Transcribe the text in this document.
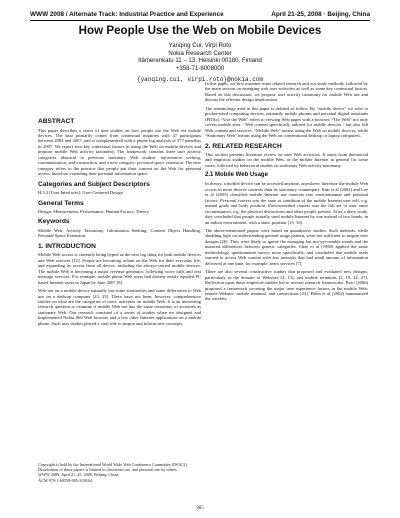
WWW 2008 / Alternate Track: Industrial Practice and Experience	April 21-25, 2008 · Beijing, China
How People Use the Web on Mobile Devices
Yanqing Cui, Virpi Roto
Nokia Research Center
Itämerenkatu 11 – 13, Helsinki 00180, Finland
+358-71-8008000
{yanqing.cui, virpi.roto}@nokia.com
ABSTRACT

This paper describes a series of user studies on how people use the Web via mobile devices. The data primarily comes from contextual inquiries with 47 participants between 2004 and 2007, and is complemented with a phone log analysis of 577 panelists in 2007. We report four key contextual factors in using the Web on mobile devices and propose mobile Web activity taxonomy. The framework contains three user activity categories identical to previous stationary Web studies: information seeking, communication, and transaction, and a new category: personal space extension. The new category refers to the practice that people put their content on the Web for personal access, therefore extending their personal information space.

Categories and Subject Descriptors

H.5.2 [User Interfaces]: User-Centered Design

General Terms

Design, Measurement, Performance, Human Factors, Theory.

Keywords

Mobile Web, Activity Taxonomy, Information Seeking, Content Object Handling, Personal Space Extension.

1. INTRODUCTION

Mobile Web access is currently being hyped as the next big thing for both mobile devices and Web services [12]. People are becoming reliant on the Web for their everyday life, and expanding its access from all device, including the always-carried mobile devices. The mobile Web is becoming a major revenue generator, following voice calls and text message services. For example, mobile phone Web users had already nearly equaled PC based Internet users in Japan by June 2007 [8].

Web use on a mobile device naturally has some similarities and some differences to Web use on a desktop computer [23, 25]. There have not been, however, comprehensive studies on what are the categories of users' activities on mobile Web. It is an interesting research question to examine if mobile Web use has the same taxonomy of activities as stationary Web. Our research consisted of a series of studies when we designed and implemented Nokia S60 Web browser and a few other Internet applications on a mobile phone. Such user studies played a vital role to inspire and inform new concepts.

Copyright is held by the International World Wide Web Conference Committee (IW3C2). Distribution of these papers is limited to classroom use, and personal use by others.
WWW 2008, April 21–25, 2008, Beijing, China.
ACM 978-1-60558-085-2/08/04.

In this paper, we first examine some related research and our study methods, followed by the main section on emerging web user activities as well as some key contextual factors. Based on this discussion, we propose user activity taxonomy for mobile Web use and discuss the relevant design implications.

The terminology used in this paper is defined as follow. By “mobile device” we refer to pocket-sized computing devices, primarily mobile phones and personal digital assistants (PDAs). “Use the Web” refers to viewing Web pages with a browser. “The Web” not only covers mobile sites - Web content specifically tailored for mobile devices - but also full Web content and services. “Mobile Web” means using the Web on mobile devices, while “Stationary Web” means using the Web on conventional desktop or laptop computers.

2. RELATED RESEARCH

This section presents literature review on user Web activities. It starts from theoretical and empirical studies on the mobile Web, or the mobile Internet in general for some cases, followed by behavioral studies on stationary Web activity taxonomy.

2.1 Mobile Web Usage

In theory, a mobile device can be accessed anytime, anywhere; therefore the mobile Web occurs in more diverse contexts than its stationary counterpart. Kim et al (2002) and Lee et al (2005) classified mobile Internet use contexts into environmental and personal factors. Personal context was the state or condition of the mobile Internet user self, e.g. mental goals and body position. Environmental context was the full set of user outer circumstances, e.g. the physical distractions and other people present. After a diary study, they concluded that people actually used mobile Internet by one instead of two hands, in an indoor environment, with a static position [15, 16].

The above-mentioned papers were based on quantitative studies. Such methods, while shedding light on understanding general usage pattern, were not sufficient to inspire new designs [26]. They were likely to ignore the emerging but not-yet-notable trends and the nuanced differences between generic categories. Chae et al (1998) applied the same methodology, questionnaire survey more specifically, and concluded that mobile users wanted to access Web content with few intensity that had small amount of information delivered at one time, for example, news services [7].

There are also several constructive studies that proposed and evaluated new designs, particularly in the domain of Websites [4, 13], and mobile terminals [2, 19, 24, 27]. Reflection upon these empirical studies led to several research frameworks. Roto (2006) proposed a framework covering the major user experience factors in the mobile Web: remote Website, mobile terminal, and connections [23]. Palen et al (2002) summarized the wireless

905
